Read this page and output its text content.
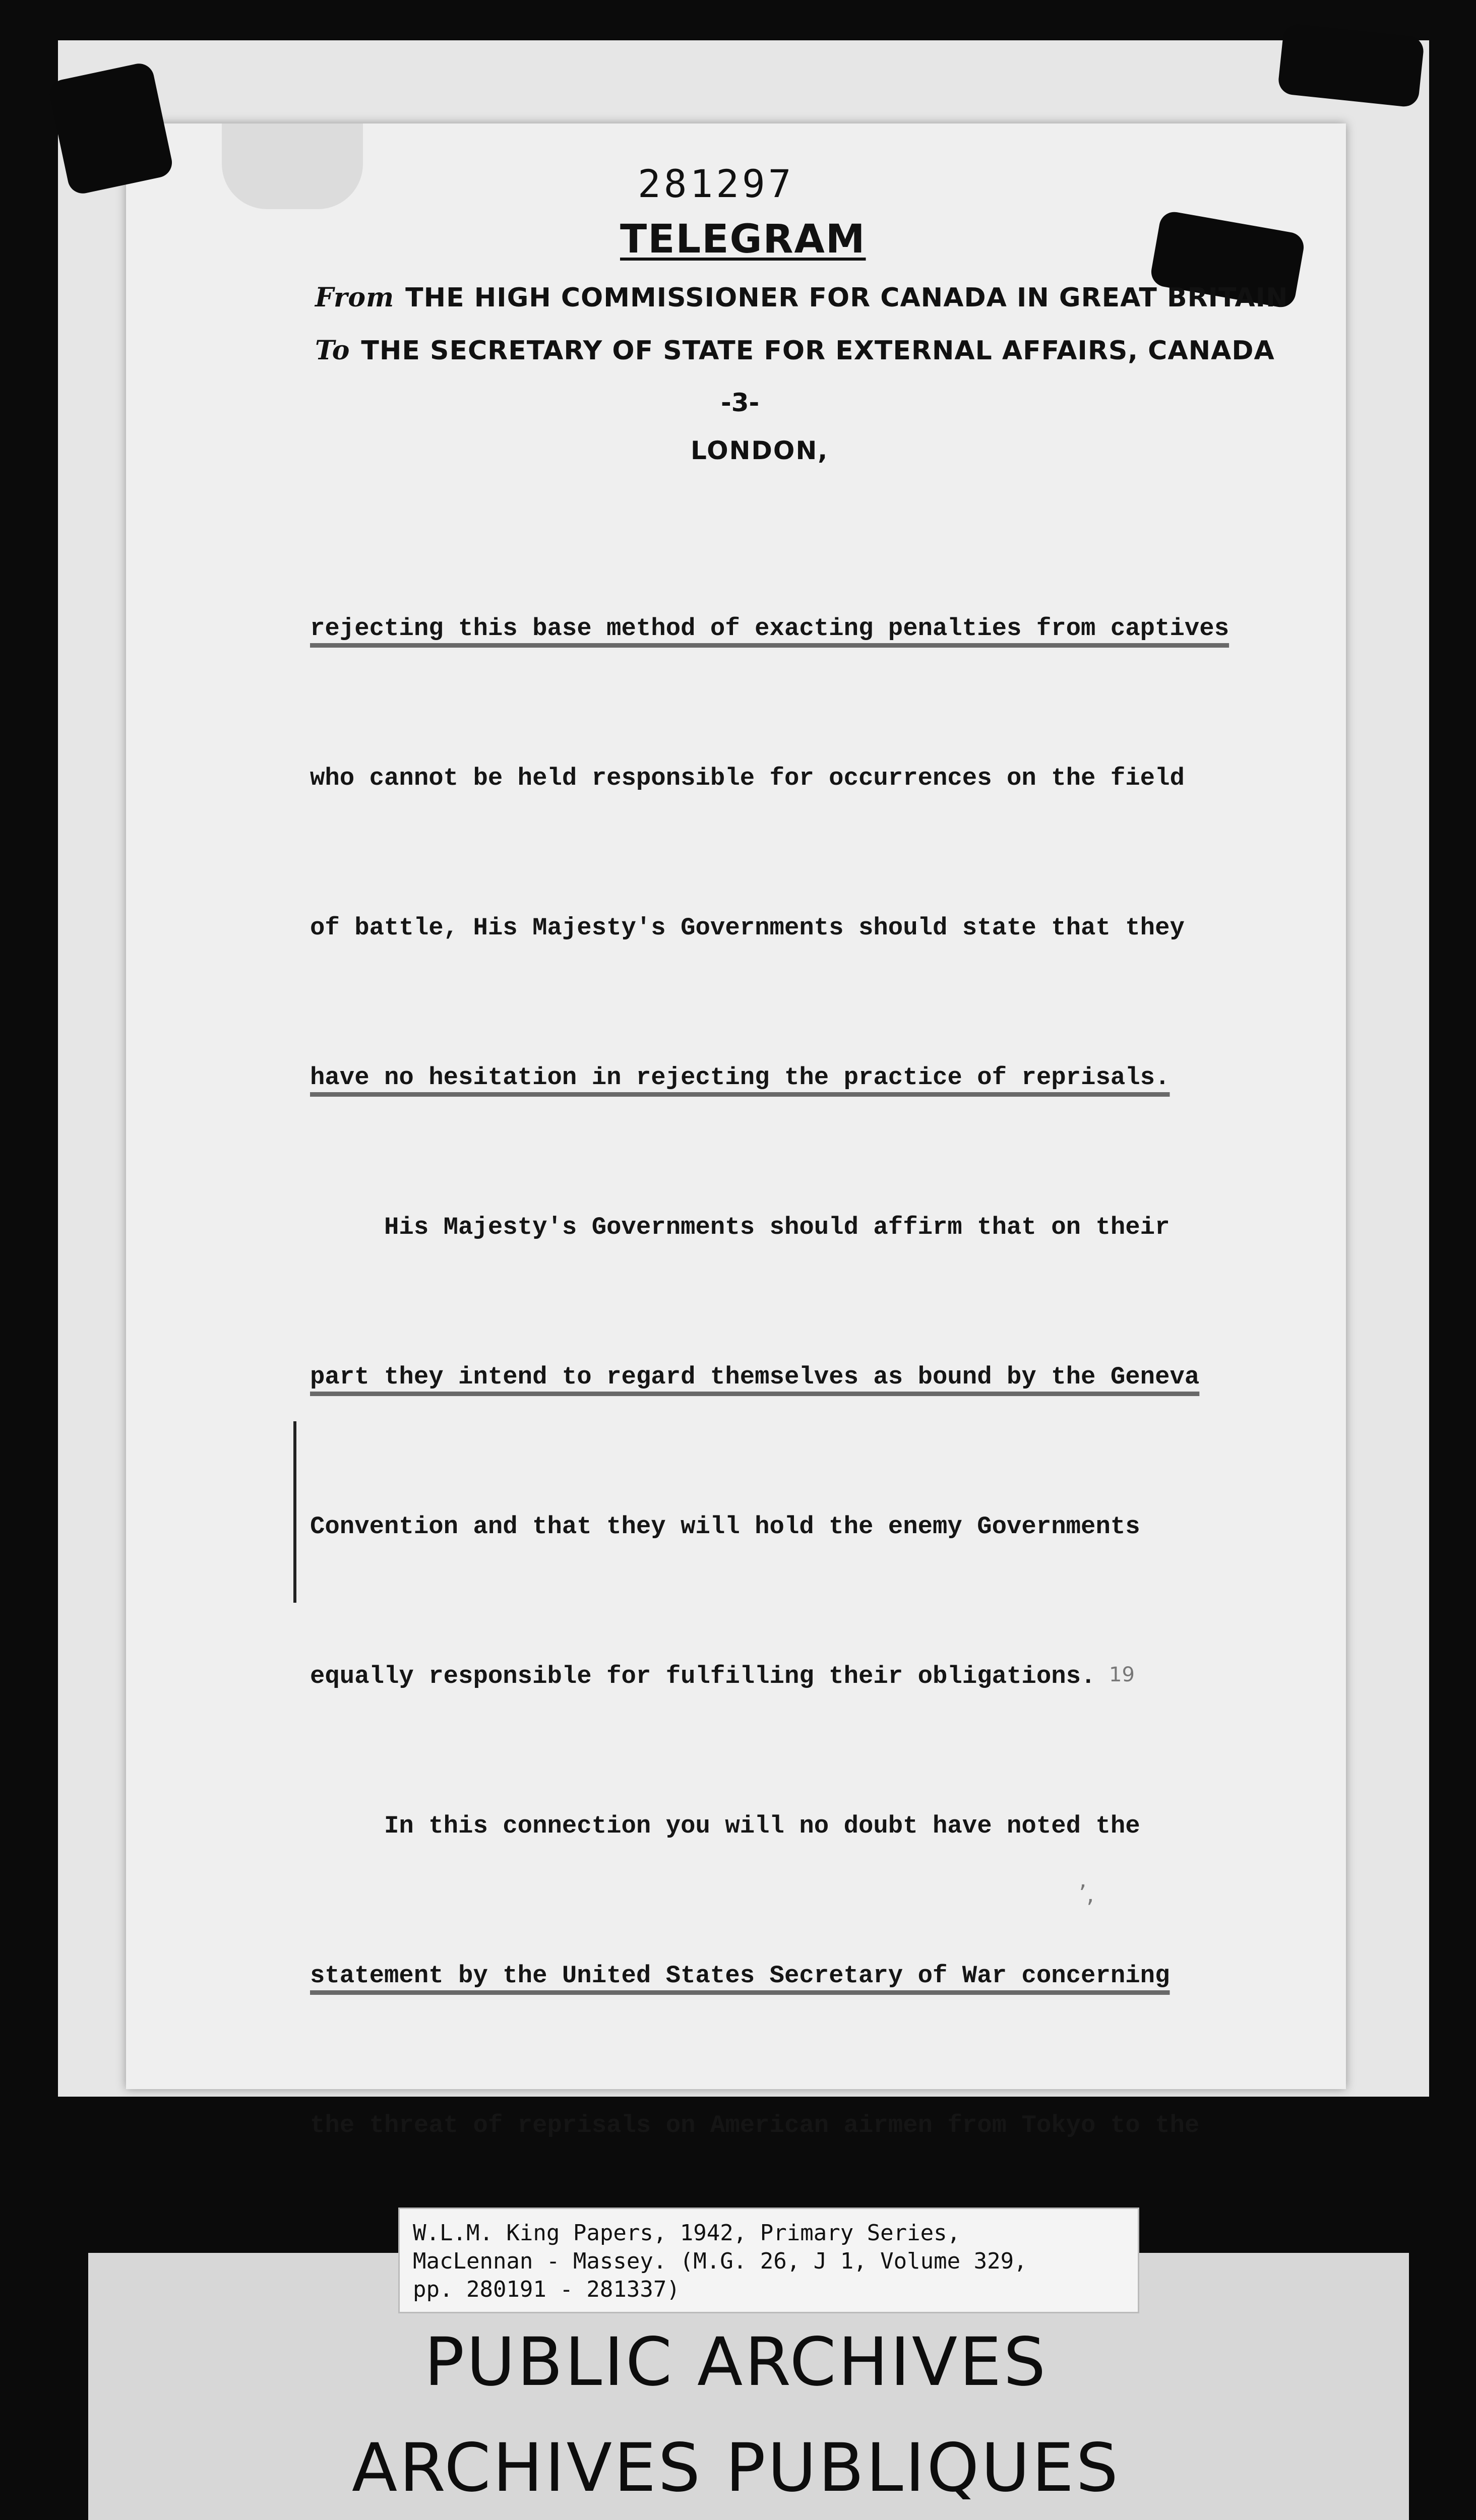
281297
TELEGRAM
From THE HIGH COMMISSIONER FOR CANADA IN GREAT BRITAIN
To THE SECRETARY OF STATE FOR EXTERNAL AFFAIRS, CANADA
-3-
LONDON,

rejecting this base method of exacting penalties from captives

who cannot be held responsible for occurrences on the field

of battle, His Majesty's Governments should state that they

have no hesitation in rejecting the practice of reprisals.

His Majesty's Governments should affirm that on their

part they intend to regard themselves as bound by the Geneva

Convention and that they will hold the enemy Governments

equally responsible for fulfilling their obligations.

In this connection you will no doubt have noted the

statement by the United States Secretary of War concerning

the threat of reprisals on American airmen from Tokyo to the

19
’,
W.L.M. King Papers, 1942, Primary Series,
MacLennan - Massey. (M.G. 26, J 1, Volume 329,
pp. 280191 - 281337)
PUBLIC ARCHIVES
ARCHIVES PUBLIQUES
